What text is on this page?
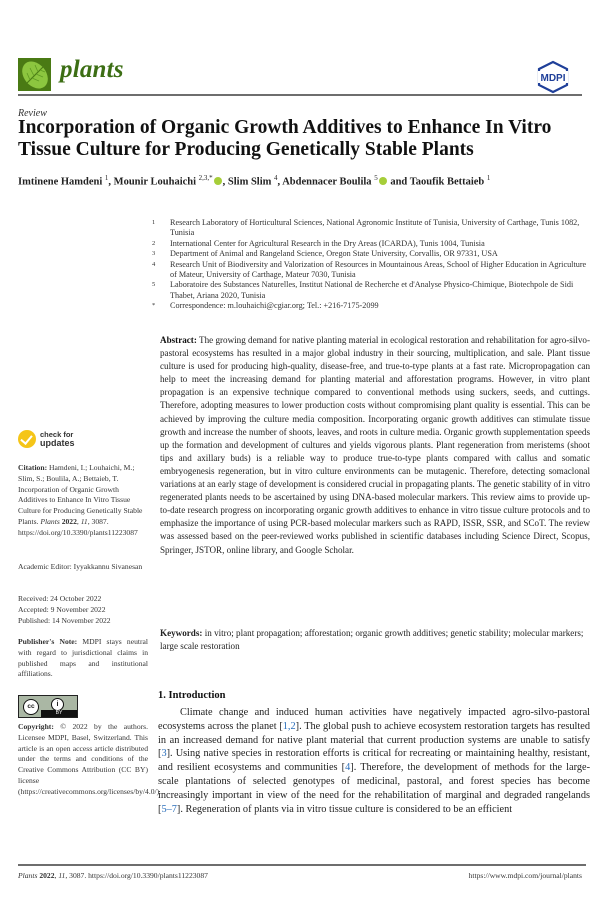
plants	MDPI
Review
Incorporation of Organic Growth Additives to Enhance In Vitro Tissue Culture for Producing Genetically Stable Plants
Imtinene Hamdeni $^1$, Mounir Louhaichi $^{2,3,*}$ , Slim Slim $^4$, Abdennacer Boulila $^5$ and Taoufik Bettaieb $^1$
1	Research Laboratory of Horticultural Sciences, National Agronomic Institute of Tunisia, University of Carthage, Tunis 1082, Tunisia
2	International Center for Agricultural Research in the Dry Areas (ICARDA), Tunis 1004, Tunisia
3	Department of Animal and Rangeland Science, Oregon State University, Corvallis, OR 97331, USA
4	Research Unit of Biodiversity and Valorization of Resources in Mountainous Areas, School of Higher Education in Agriculture of Mateur, University of Carthage, Mateur 7030, Tunisia
5	Laboratoire des Substances Naturelles, Institut National de Recherche et d'Analyse Physico-Chimique, Biotechpole de Sidi Thabet, Ariana 2020, Tunisia
*	Correspondence: m.louhaichi@cgiar.org; Tel.: +216-7175-2099
Abstract: The growing demand for native planting material in ecological restoration and rehabilitation for agro-silvo-pastoral ecosystems has resulted in a major global industry in their sourcing, multiplication, and sale. Plant tissue culture is used for producing high-quality, disease-free, and true-to-type plants at a fast rate. Micropropagation can help to meet the increasing demand for planting material and afforestation programs. However, in vitro plant propagation is an expensive technique compared to conventional methods using suckers, seeds, and cuttings. Therefore, adopting measures to lower production costs without compromising plant quality is essential. This can be achieved by improving the culture media composition. Incorporating organic growth additives can stimulate tissue growth and increase the number of shoots, leaves, and roots in culture media. Organic growth supplementation speeds up the formation and development of cultures and yields vigorous plants. Plant regeneration from meristems (shoot tips and axillary buds) is a reliable way to produce true-to-type plants compared with callus and somatic embryogenesis regeneration, but in vitro culture environments can be mutagenic. Therefore, detecting somaclonal variations at an early stage of development is considered crucial in propagating plants. The genetic stability of in vitro regenerated plants needs to be ascertained by using DNA-based molecular markers. This review aims to provide up-to-date research progress on incorporating organic growth additives to enhance in vitro tissue culture protocols and to emphasize the importance of using PCR-based molecular markers such as RAPD, ISSR, SSR, and SCoT. The review was assessed based on the peer-reviewed works published in scientific databases including Science Direct, Scopus, Springer, JSTOR, online library, and Google Scholar.
Keywords: in vitro; plant propagation; afforestation; organic growth additives; genetic stability; molecular markers; large scale restoration
check for
updates
Citation: Hamdeni, I.; Louhaichi, M.; Slim, S.; Boulila, A.; Bettaieb, T. Incorporation of Organic Growth Additives to Enhance In Vitro Tissue Culture for Producing Genetically Stable Plants. Plants 2022, 11, 3087. https://doi.org/10.3390/plants11223087
Academic Editor: Iyyakkannu Sivanesan
Received: 24 October 2022
Accepted: 9 November 2022
Published: 14 November 2022
Publisher's Note: MDPI stays neutral with regard to jurisdictional claims in published maps and institutional affiliations.
cc	i
BY
Copyright: © 2022 by the authors. Licensee MDPI, Basel, Switzerland. This article is an open access article distributed under the terms and conditions of the Creative Commons Attribution (CC BY) license (https://creativecommons.org/licenses/by/4.0/).
1. Introduction
Climate change and induced human activities have negatively impacted agro-silvo-pastoral ecosystems across the planet [1,2]. The global push to achieve ecosystem restoration targets has resulted in an increased demand for native plant material that current production systems are unable to satisfy [3]. Using native species in restoration efforts is critical for recreating or maintaining healthy, resistant, and resilient ecosystems and communities [4]. Therefore, the development of methods for the large-scale plantations of selected genotypes of medicinal, pastoral, and forest species has become increasingly important in view of the need for the rehabilitation of marginal and degraded rangelands [5–7]. Regeneration of plants via in vitro tissue culture is considered to be an efficient
Plants 2022, 11, 3087. https://doi.org/10.3390/plants11223087	https://www.mdpi.com/journal/plants
